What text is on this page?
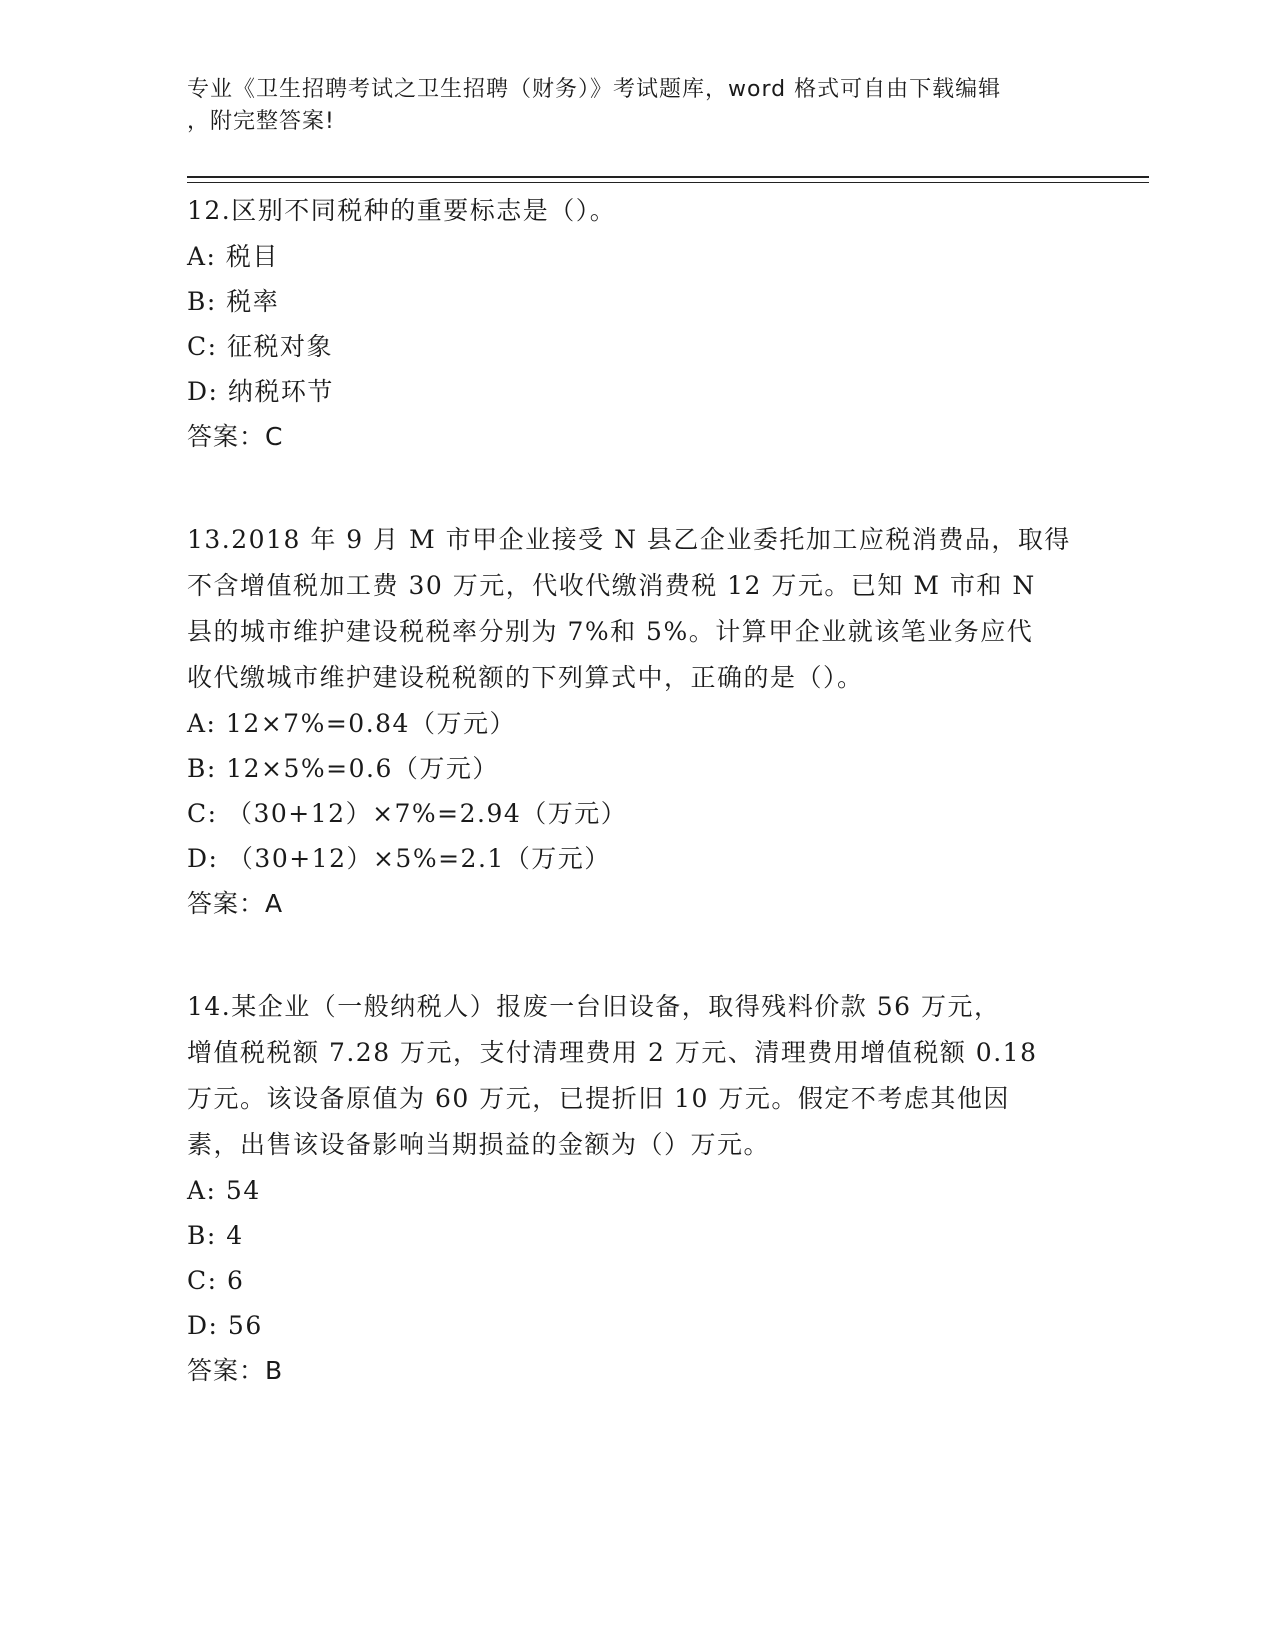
专业《卫生招聘考试之卫生招聘（财务）》考试题库，word 格式可自由下载编辑
，附完整答案!
12.区别不同税种的重要标志是（）。
A: 税目
B: 税率
C: 征税对象
D: 纳税环节
答案：C
13.2018 年 9 月 M 市甲企业接受 N 县乙企业委托加工应税消费品，取得
不含增值税加工费 30 万元，代收代缴消费税 12 万元。已知 M 市和 N
县的城市维护建设税税率分别为 7%和 5%。计算甲企业就该笔业务应代
收代缴城市维护建设税税额的下列算式中，正确的是（）。
A: 12×7%=0.84（万元）
B: 12×5%=0.6（万元）
C: （30+12）×7%=2.94（万元）
D: （30+12）×5%=2.1（万元）
答案：A
14.某企业（一般纳税人）报废一台旧设备，取得残料价款 56 万元，
增值税税额 7.28 万元，支付清理费用 2 万元、清理费用增值税额 0.18
万元。该设备原值为 60 万元，已提折旧 10 万元。假定不考虑其他因
素，出售该设备影响当期损益的金额为（）万元。
A: 54
B: 4
C: 6
D: 56
答案：B
